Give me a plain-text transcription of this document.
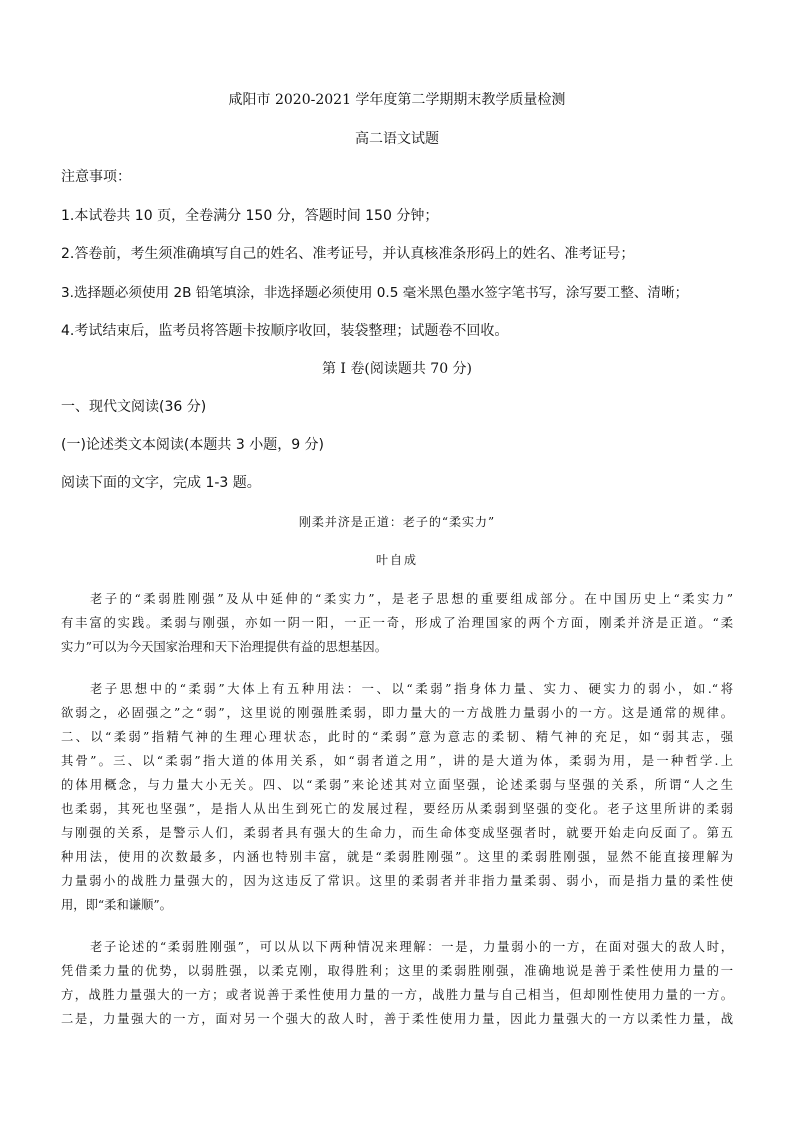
咸阳市 2020-2021 学年度第二学期期末教学质量检测
高二语文试题
注意事项：
1.本试卷共 10 页，全卷满分 150 分，答题时间 150 分钟；
2.答卷前，考生须准确填写自己的姓名、准考证号，并认真核准条形码上的姓名、准考证号；
3.选择题必须使用 2B 铅笔填涂，非选择题必须使用 0.5 毫米黑色墨水签字笔书写，涂写要工整、清晰；
4.考试结束后，监考员将答题卡按顺序收回，装袋整理；试题卷不回收。
第 I 卷(阅读题共 70 分)
一、现代文阅读(36 分)
(一)论述类文本阅读(本题共 3 小题，9 分)
阅读下面的文字，完成 1-3 题。
刚柔并济是正道：老子的“柔实力”
叶自成
老子的“柔弱胜刚强”及从中延伸的“柔实力”，是老子思想的重要组成部分。在中国历史上“柔实力”
有丰富的实践。柔弱与刚强，亦如一阴一阳，一正一奇，形成了治理国家的两个方面，刚柔并济是正道。“柔
实力”可以为今天国家治理和天下治理提供有益的思想基因。
老子思想中的“柔弱”大体上有五种用法：一、以“柔弱”指身体力量、实力、硬实力的弱小，如.“将
欲弱之，必固强之”之“弱”，这里说的刚强胜柔弱，即力量大的一方战胜力量弱小的一方。这是通常的规律。
二、以“柔弱”指精气神的生理心理状态，此时的“柔弱”意为意志的柔韧、精气神的充足，如“弱其志，强
其骨”。三、以“柔弱”指大道的体用关系，如“弱者道之用”，讲的是大道为体，柔弱为用，是一种哲学.上
的体用概念，与力量大小无关。四、以“柔弱”来论述其对立面坚强，论述柔弱与坚强的关系，所谓“人之生
也柔弱，其死也坚强”，是指人从出生到死亡的发展过程，要经历从柔弱到坚强的变化。老子这里所讲的柔弱
与刚强的关系，是警示人们，柔弱者具有强大的生命力，而生命体变成坚强者时，就要开始走向反面了。第五
种用法，使用的次数最多，内涵也特别丰富，就是“柔弱胜刚强”。这里的柔弱胜刚强，显然不能直接理解为
力量弱小的战胜力量强大的，因为这违反了常识。这里的柔弱者并非指力量柔弱、弱小，而是指力量的柔性使
用，即“柔和谦顺”。
老子论述的“柔弱胜刚强”，可以从以下两种情况来理解：一是，力量弱小的一方，在面对强大的敌人时，
凭借柔力量的优势，以弱胜强，以柔克刚，取得胜利；这里的柔弱胜刚强，准确地说是善于柔性使用力量的一
方，战胜力量强大的一方；或者说善于柔性使用力量的一方，战胜力量与自己相当，但却刚性使用力量的一方。
二是，力量强大的一方，面对另一个强大的敌人时，善于柔性使用力量，因此力量强大的一方以柔性力量，战
